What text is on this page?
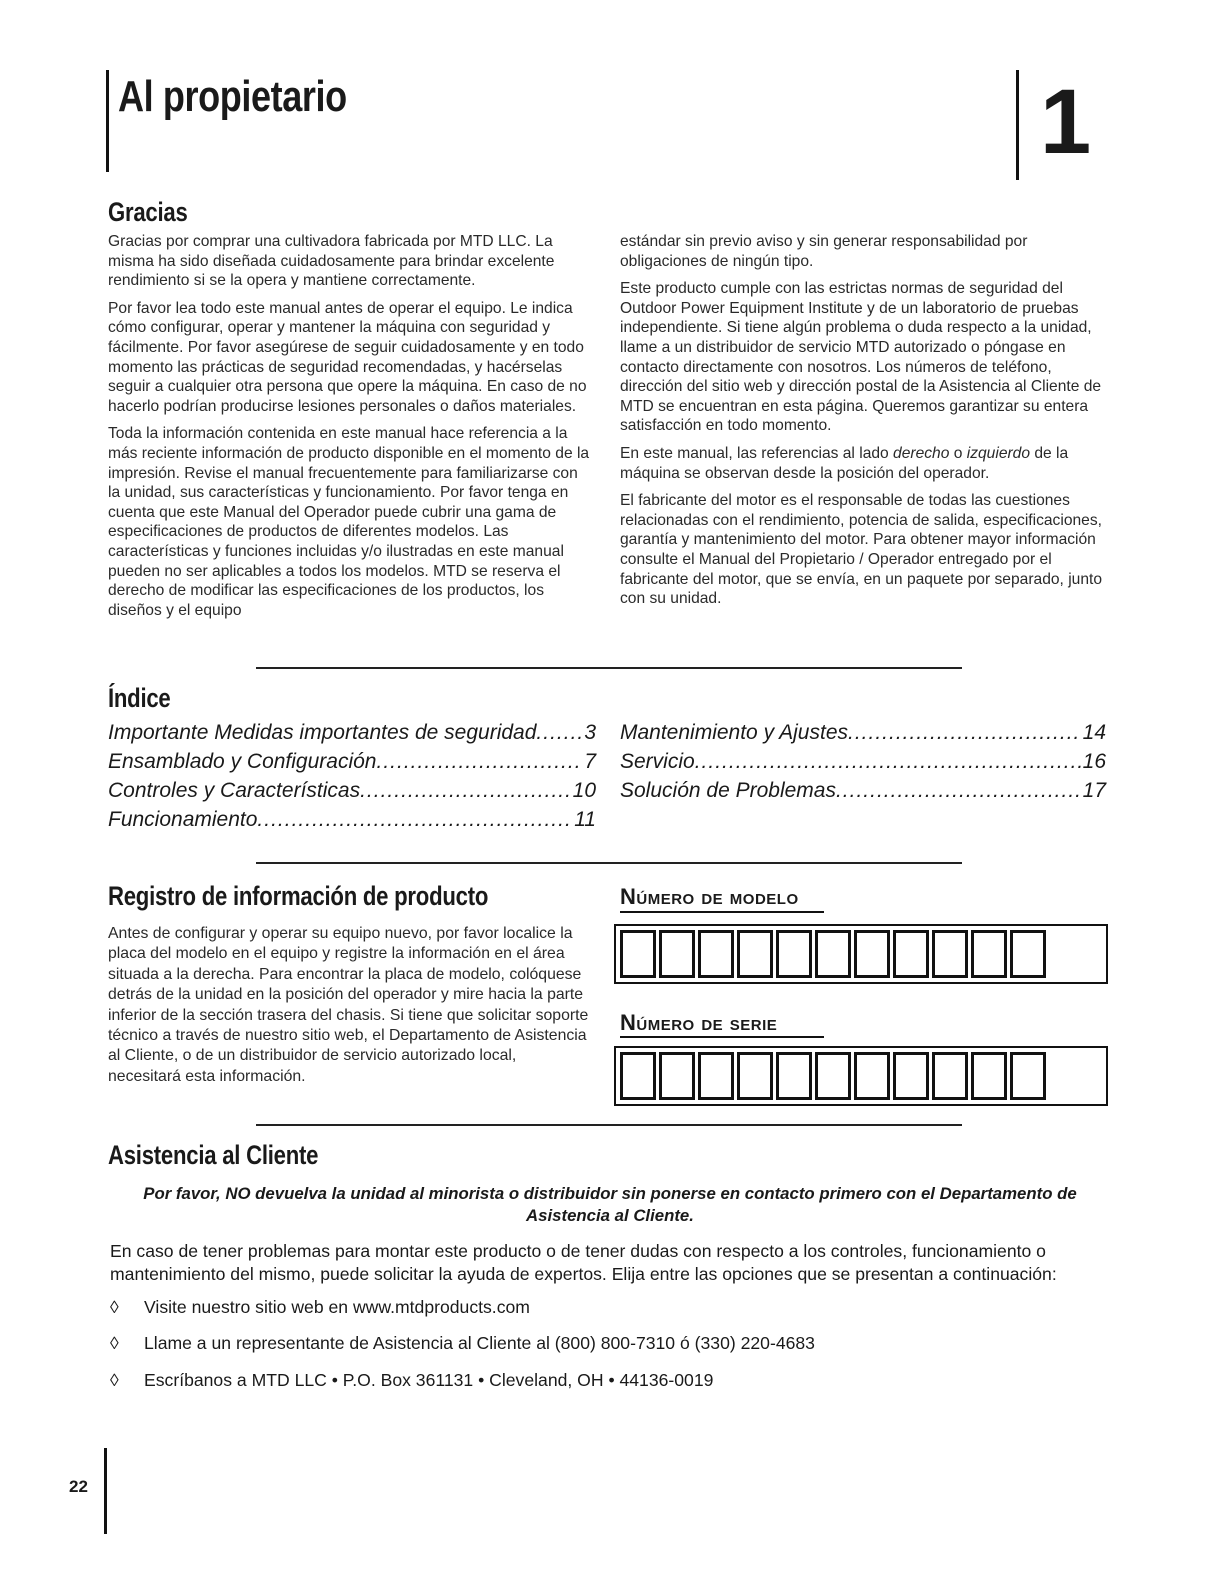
Al propietario	1
Gracias

Gracias por comprar una cultivadora fabricada por MTD LLC. La misma ha sido diseñada cuidadosamente para brindar excelente rendimiento si se la opera y mantiene correctamente.

Por favor lea todo este manual antes de operar el equipo. Le indica cómo configurar, operar y mantener la máquina con seguridad y fácilmente. Por favor asegúrese de seguir cuidadosamente y en todo momento las prácticas de seguridad recomendadas, y hacérselas seguir a cualquier otra persona que opere la máquina. En caso de no hacerlo podrían producirse lesiones personales o daños materiales.

Toda la información contenida en este manual hace referencia a la más reciente información de producto disponible en el momento de la impresión. Revise el manual frecuentemente para familiarizarse con la unidad, sus características y funcionamiento. Por favor tenga en cuenta que este Manual del Operador puede cubrir una gama de especificaciones de productos de diferentes modelos. Las características y funciones incluidas y/o ilustradas en este manual pueden no ser aplicables a todos los modelos. MTD se reserva el derecho de modificar las especificaciones de los productos, los diseños y el equipo

estándar sin previo aviso y sin generar responsabilidad por obligaciones de ningún tipo.

Este producto cumple con las estrictas normas de seguridad del Outdoor Power Equipment Institute y de un laboratorio de pruebas independiente. Si tiene algún problema o duda respecto a la unidad, llame a un distribuidor de servicio MTD autorizado o póngase en contacto directamente con nosotros. Los números de teléfono, dirección del sitio web y dirección postal de la Asistencia al Cliente de MTD se encuentran en esta página. Queremos garantizar su entera satisfacción en todo momento.

En este manual, las referencias al lado derecho o izquierdo de la máquina se observan desde la posición del operador.

El fabricante del motor es el responsable de todas las cuestiones relacionadas con el rendimiento, potencia de salida, especificaciones, garantía y mantenimiento del motor. Para obtener mayor información consulte el Manual del Propietario / Operador entregado por el fabricante del motor, que se envía, en un paquete por separado, junto con su unidad.

Índice
Importante Medidas importantes de seguridad ..... 3
Ensamblado y Configuración .....	7
Controles y Características .....	10
Funcionamiento .....	11
Mantenimiento y Ajustes .....	14
Servicio .....	16
Solución de Problemas .....	17
Registro de información de producto
Antes de configurar y operar su equipo nuevo, por favor localice la placa del modelo en el equipo y registre la información en el área situada a la derecha. Para encontrar la placa de modelo, colóquese detrás de la unidad en la posición del operador y mire hacia la parte inferior de la sección trasera del chasis. Si tiene que solicitar soporte técnico a través de nuestro sitio web, el Departamento de Asistencia al Cliente, o de un distribuidor de servicio autorizado local, necesitará esta información.
Número de modelo
Número de serie
Asistencia al Cliente
Por favor, NO devuelva la unidad al minorista o distribuidor sin ponerse en contacto primero con el Departamento de Asistencia al Cliente.
En caso de tener problemas para montar este producto o de tener dudas con respecto a los controles, funcionamiento o mantenimiento del mismo, puede solicitar la ayuda de expertos. Elija entre las opciones que se presentan a continuación:
◊ Visite nuestro sitio web en www.mtdproducts.com
◊ Llame a un representante de Asistencia al Cliente al (800) 800-7310 ó (330) 220-4683
◊ Escríbanos a MTD LLC • P.O. Box 361131 • Cleveland, OH • 44136-0019
22
